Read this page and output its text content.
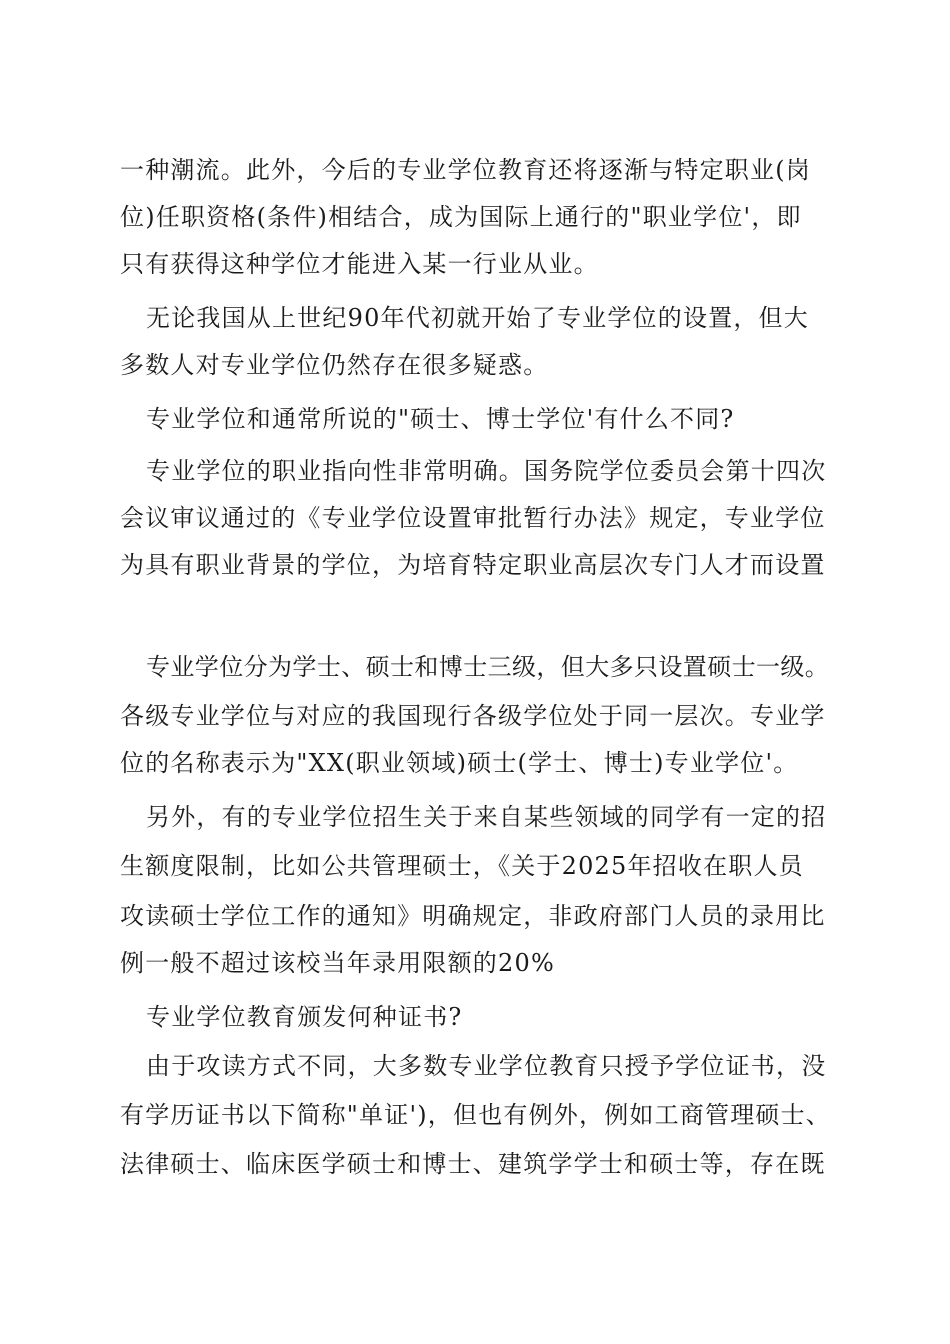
一种潮流。此外，今后的专业学位教育还将逐渐与特定职业(岗
位)任职资格(条件)相结合，成为国际上通行的"职业学位'，即
只有获得这种学位才能进入某一行业从业。
无论我国从上世纪90年代初就开始了专业学位的设置，但大
多数人对专业学位仍然存在很多疑惑。
专业学位和通常所说的"硕士、博士学位'有什么不同?
专业学位的职业指向性非常明确。国务院学位委员会第十四次
会议审议通过的《专业学位设置审批暂行办法》规定，专业学位
为具有职业背景的学位，为培育特定职业高层次专门人才而设置
专业学位分为学士、硕士和博士三级，但大多只设置硕士一级。
各级专业学位与对应的我国现行各级学位处于同一层次。专业学
位的名称表示为"XX(职业领域)硕士(学士、博士)专业学位'。
另外，有的专业学位招生关于来自某些领域的同学有一定的招
生额度限制，比如公共管理硕士，《关于2025年招收在职人员
攻读硕士学位工作的通知》明确规定，非政府部门人员的录用比
例一般不超过该校当年录用限额的20%
专业学位教育颁发何种证书?
由于攻读方式不同，大多数专业学位教育只授予学位证书，没
有学历证书以下简称"单证')，但也有例外，例如工商管理硕士、
法律硕士、临床医学硕士和博士、建筑学学士和硕士等，存在既
